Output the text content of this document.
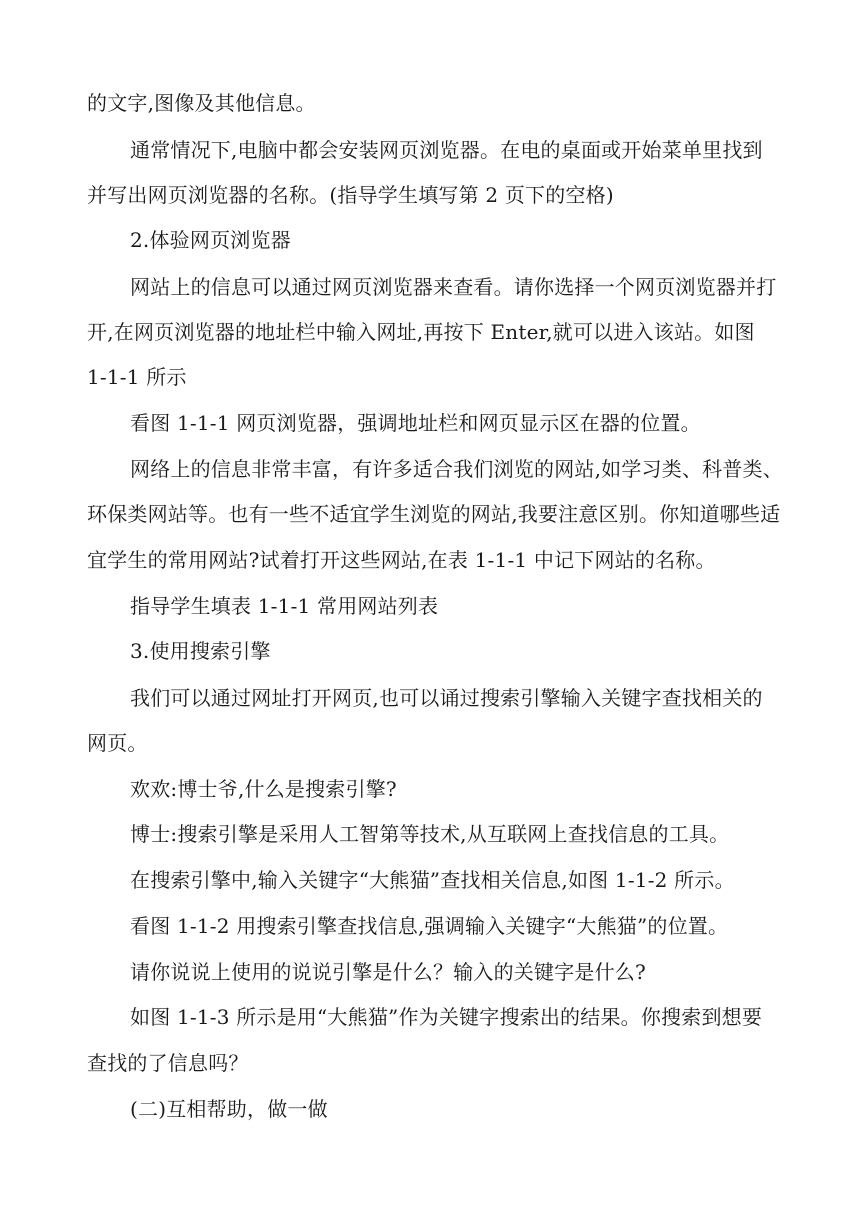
的文字,图像及其他信息。
通常情况下,电脑中都会安装网页浏览器。在电的桌面或开始菜单里找到
并写出网页浏览器的名称。(指导学生填写第 2 页下的空格)
2.体验网页浏览器
网站上的信息可以通过网页浏览器来查看。请你选择一个网页浏览器并打
开,在网页浏览器的地址栏中输入网址,再按下 Enter,就可以进入该站。如图
1-1-1 所示
看图 1-1-1 网页浏览器，强调地址栏和网页显示区在器的位置。
网络上的信息非常丰富，有许多适合我们浏览的网站,如学习类、科普类、
环保类网站等。也有一些不适宜学生浏览的网站,我要注意区别。你知道哪些适
宜学生的常用网站?试着打开这些网站,在表 1-1-1 中记下网站的名称。
指导学生填表 1-1-1 常用网站列表
3.使用搜索引擎
我们可以通过网址打开网页,也可以诵过搜索引擎输入关键字查找相关的
网页。
欢欢:博士爷,什么是搜索引擎?
博士:搜索引擎是采用人工智第等技术,从互联网上查找信息的工具。
在搜索引擎中,输入关键字“大熊猫”查找相关信息,如图 1-1-2 所示。
看图 1-1-2 用搜索引擎查找信息,强调输入关键字“大熊猫”的位置。
请你说说上使用的说说引擎是什么？输入的关键字是什么?
如图 1-1-3 所示是用“大熊猫”作为关键字搜索出的结果。你搜索到想要
查找的了信息吗？
(二)互相帮助，做一做
